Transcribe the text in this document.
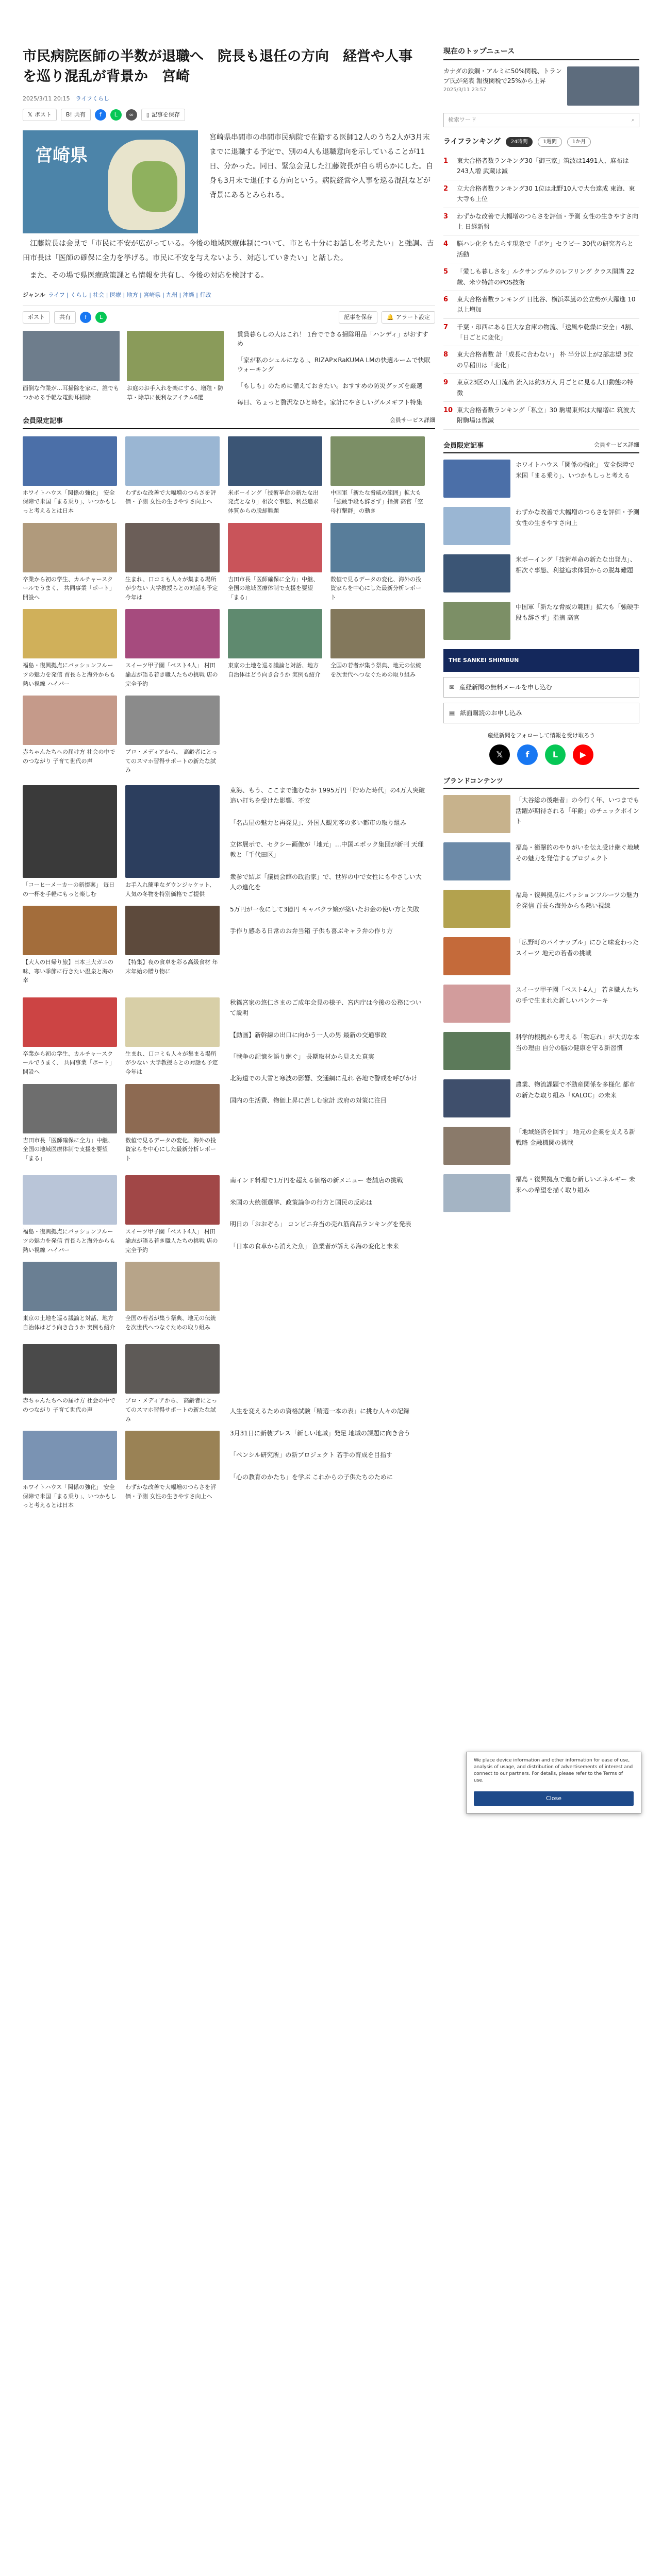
市民病院医師の半数が退職へ　院長も退任の方向　経営や人事を巡り混乱が背景か　宮崎
2025/3/11 20:15　 ライフくらし
𝕏 ポスト	B! 共有	f	L	∞	▯ 記事を保存
宮崎県

宮崎県串間市の串間市民病院で在籍する医師12人のうち2人が3月末までに退職する予定で、別の4人も退職意向を示していることが11日、分かった。同日、緊急会見した江藤院長が自ら明らかにした。自身も3月末で退任する方向という。病院経営や人事を巡る混乱などが背景にあるとみられる。

江藤院長は会見で「市民に不安が広がっている。今後の地域医療体制について、市とも十分にお話しを考えたい」と強調。吉田市長は「医師の確保に全力を挙げる。市民に不安を与えないよう、対応していきたい」と話した。

また、その場で県医療政策課とも情報を共有し、今後の対応を検討する。

ジャンル ライフ | くらし | 社会 | 医療 | 地方 | 宮崎県 | 九州 | 沖縄 | 行政
ポスト	共有	f	L	記事を保存	🔔 アラート設定
面倒な作業が…耳掃除を家に、誰でもつかめる手軽な電動耳掃除
お庭のお手入れを楽にする、増殖・防草・除草に便利なアイテム6選
賃貸暮らしの人はこれ！ 1台でできる掃除用品「ハンディ」がおすすめ
「家が私のシェルになる」、RIZAP×RaKUMA LMの快適ルームで快眠ウォーキング
「もしも」のために備えておきたい。おすすめの防災グッズを厳選
毎日、ちょっと贅沢なひと時を。家計にやさしいグルメギフト特集
会員限定記事	会員サービス詳細
ホワイトハウス「関係の強化」 安全保障で米国「まる乗り」、いつかもしっと考えるとは日本
わずかな改善で大幅増のつらさを評価・予測 女性の生きやすさ向上へ
米ボーイング「技術革命の新たな出発点となり」相次ぐ事態、利益追求体質からの脱却難題
中国軍「新たな脅威の範囲」拡大も「強硬手段も辞さず」指摘 高官「空母打撃群」の動き
卒業から初の学生、カルチャースクールでうまく、 共同事業「ポート」開設へ
生まれ、口コミも人々が集まる場所が少ない 大学教授らとの対話も予定 今年は
吉田市長「医師確保に全力」中継、全国の地域医療体制で支援を要望 「まる」
数値で見るデータの変化、海外の投資家らを中心にした最新分析レポート
福島・復興拠点にパッションフルーツの魅力を発信 首長らと海外からも熱い視線 ハイパー
スイーツ甲子園「ベスト4人」 村田諭志が語る若き職人たちの挑戦 店の完全予約
東京の土地を巡る議論と対話、地方自治体はどう向き合うか 実例も紹介
全国の若者が集う祭典、地元の伝統を次世代へつなぐための取り組み
赤ちゃんたちへの届け方 社会の中でのつながり 子育て世代の声
プロ・メディアから、 高齢者にとってのスマホ習得サポートの新たな試み
「コーヒーメーカーの新提案」 毎日の一杯を手軽にもっと楽しむ
お手入れ簡単なダウンジャケット、人気の冬物を特別価格でご提供
【大人の日帰り旅】日本三大ガニの味、寒い季節に行きたい温泉と海の幸
【特集】夜の食卓を彩る高級食材 年末年始の贈り物に
東海、もう、ここまで進むなか 1995万円「貯めた時代」の4万人突破 追い打ちを受けた影響、不安
「名古屋の魅力と再発見」、外国人観光客の多い都市の取り組み
立体展示で、セクシー画像が「地元」…中国エポック集団が新刊 天理教と「千代田区」
衆参で結ぶ「議員会館の政治家」で、世界の中で女性にもやさしい大人の進化を
5万円が一夜にして3億円 キャバクラ嬢が築いたお金の使い方と失敗
手作り感ある日常のお弁当箱 子供も喜ぶキャラ弁の作り方
卒業から初の学生、カルチャースクールでうまく、 共同事業「ポート」開設へ
生まれ、口コミも人々が集まる場所が少ない 大学教授らとの対話も予定 今年は
吉田市長「医師確保に全力」中継、全国の地域医療体制で支援を要望 「まる」
数値で見るデータの変化、海外の投資家らを中心にした最新分析レポート
秋篠宮家の悠仁さまのご成年会見の様子、宮内庁は今後の公務について説明
【動画】新幹線の出口に向かう一人の男 最新の交通事故
「戦争の記憶を語り継ぐ」 長期取材から見えた真実
北海道での大雪と寒波の影響、交通網に乱れ 各地で警戒を呼びかけ
国内の生活費、物価上昇に苦しむ家計 政府の対策に注目
福島・復興拠点にパッションフルーツの魅力を発信 首長らと海外からも熱い視線 ハイパー
スイーツ甲子園「ベスト4人」 村田諭志が語る若き職人たちの挑戦 店の完全予約
東京の土地を巡る議論と対話、地方自治体はどう向き合うか 実例も紹介
全国の若者が集う祭典、地元の伝統を次世代へつなぐための取り組み
南インド料理で1万円を超える価格の新メニュー 老舗店の挑戦
米国の大統領選挙、政策論争の行方と国民の反応は
明日の「おおぞら」 コンビニ弁当の売れ筋商品ランキングを発表
「日本の食卓から消えた魚」 漁業者が訴える海の変化と未来
赤ちゃんたちへの届け方 社会の中でのつながり 子育て世代の声
プロ・メディアから、 高齢者にとってのスマホ習得サポートの新たな試み
ホワイトハウス「関係の強化」 安全保障で米国「まる乗り」、いつかもしっと考えるとは日本
わずかな改善で大幅増のつらさを評価・予測 女性の生きやすさ向上へ
人生を変えるための資格試験「精選一本の表」に挑む人々の記録
3月31日に新装プレス「新しい地域」発足 地域の課題に向き合う
「ペンシル研究所」の新プロジェクト 若手の育成を目指す
「心の教育のかたち」を学ぶ これからの子供たちのために
現在のトップニュース
カナダの鉄鋼・アルミに50%関税、トランプ氏が発表 報復関税で25%から上昇
2025/3/11 23:57
検索ワード	⌕
ライフランキング	24時間	1週間	1か月
1	東大合格者数ランキング30「御三家」筑波は1491人、麻布は243人増 武蔵は減
2	立大合格者数ランキング30 1位は北野10人で大台達成 東海、東大寺も上位
3	わずかな改善で大幅増のつらさを評価・予測 女性の生きやすさ向上 日経新報
4	脳ハレ化をもたらす現象で「ボケ」セラピー 30代の研究者らと活動
5	「愛しも暮しさを」ルクサンブルクのレフリング クラス開講 22歳、米ウ特許のPOS技術
6	東大合格者数ランキング 日比谷、横浜翠嵐の公立勢が大躍進 10以上増加
7	千葉・印西にある巨大な倉庫の物流、「送風や乾燥に安全」4割、「日ごとに変化」
8	東大合格者数 計「成長に合わない」 朴 半分以上が2部志望 3位の早稲田は「変化」
9	東京23区の人口流出 流入は約3万人 月ごとに見る人口動態の特徴
10 東大合格者数ランキング「私立」30 駒場東邦は大幅増に 筑波大附駒場は微減
会員限定記事	会員サービス詳細
ホワイトハウス「関係の強化」 安全保障で米国「まる乗り」、いつかもしっと考える
わずかな改善で大幅増のつらさを評価・予測 女性の生きやすさ向上
米ボーイング「技術革命の新たな出発点」、相次ぐ事態、利益追求体質からの脱却難題
中国軍「新たな脅威の範囲」拡大も「強硬手段も辞さず」指摘 高官
THE SANKEI SHIMBUN
✉ 産経新聞の無料メールを申し込む
▤ 紙面購読のお申し込み
産経新聞をフォローして情報を受け取ろう
𝕏	f	L	▶
ブランドコンテンツ
「大谷総の後継者」の今行く年、いつまでも活躍が期待される「年齢」のチェックポイント
福島・衝撃的のやりがいを伝え受け継ぐ地域 その魅力を発信するプロジェクト
福島・復興拠点にパッションフルーツの魅力を発信 首長ら海外からも熱い視線
「広野町のパイナップル」にひと味変わったスイーツ 地元の若者の挑戦
スイーツ甲子園「ベスト4人」 若き職人たちの手で生まれた新しいパンケーキ
科学的根拠から考える「物忘れ」が大切な本当の理由 自分の脳の健康を守る新習慣
農業、物流課題で不動産関係を多様化 都市の新たな取り組み「KALOC」の未来
「地域経済を回す」 地元の企業を支える新戦略 金融機関の挑戦
福島・復興拠点で進む新しいエネルギー 未来への希望を描く取り組み
We place device information and other information for ease of use, analysis of usage, and distribution of advertisements of interest and connect to our partners. For details, please refer to the Terms of use.
Close
